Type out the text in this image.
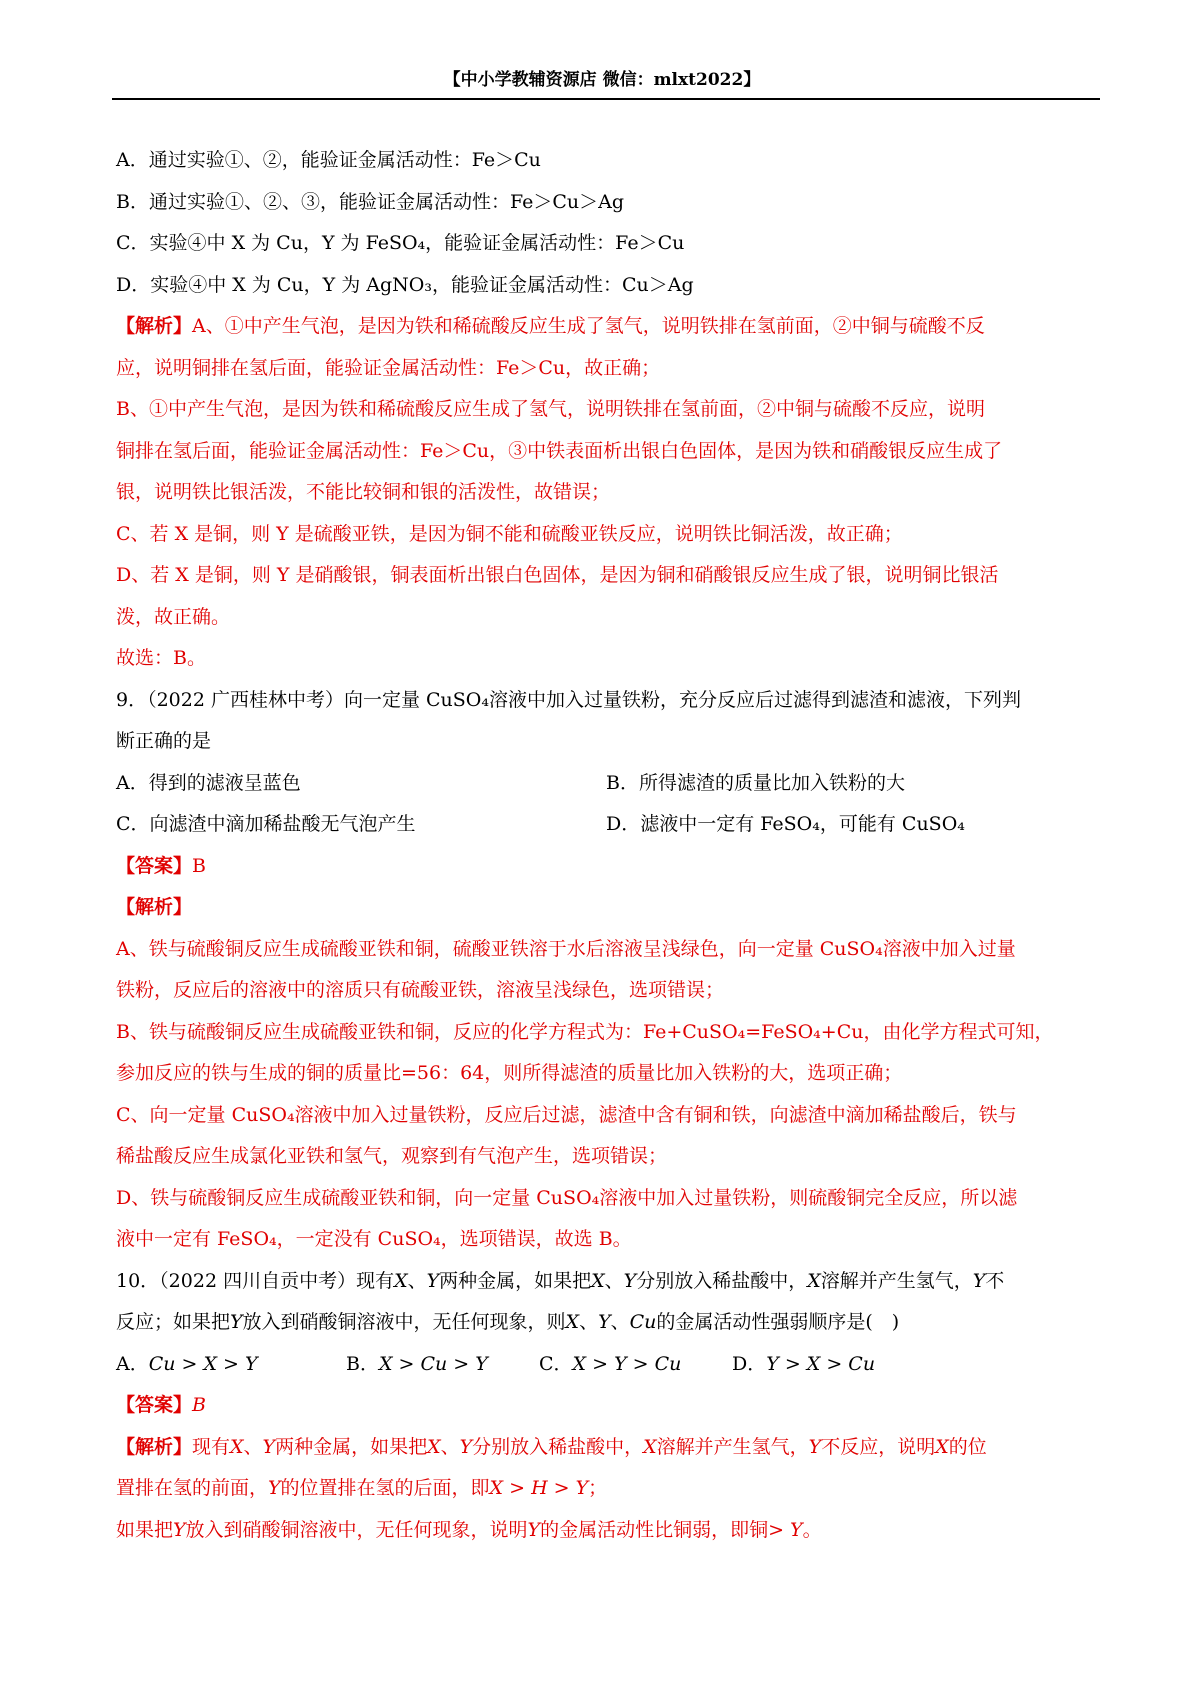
【中小学教辅资源店 微信：mlxt2022】
A．通过实验①、②，能验证金属活动性：Fe＞Cu
B．通过实验①、②、③，能验证金属活动性：Fe＞Cu＞Ag
C．实验④中 X 为 Cu，Y 为 FeSO₄，能验证金属活动性：Fe＞Cu
D．实验④中 X 为 Cu，Y 为 AgNO₃，能验证金属活动性：Cu＞Ag
【解析】A、①中产生气泡，是因为铁和稀硫酸反应生成了氢气，说明铁排在氢前面，②中铜与硫酸不反
应，说明铜排在氢后面，能验证金属活动性：Fe＞Cu，故正确；
B、①中产生气泡，是因为铁和稀硫酸反应生成了氢气，说明铁排在氢前面，②中铜与硫酸不反应，说明
铜排在氢后面，能验证金属活动性：Fe＞Cu，③中铁表面析出银白色固体，是因为铁和硝酸银反应生成了
银，说明铁比银活泼，不能比较铜和银的活泼性，故错误；
C、若 X 是铜，则 Y 是硫酸亚铁，是因为铜不能和硫酸亚铁反应，说明铁比铜活泼，故正确；
D、若 X 是铜，则 Y 是硝酸银，铜表面析出银白色固体，是因为铜和硝酸银反应生成了银，说明铜比银活
泼，故正确。
故选：B。
9．（2022 广西桂林中考）向一定量 CuSO₄溶液中加入过量铁粉，充分反应后过滤得到滤渣和滤液，下列判
断正确的是
A．得到的滤液呈蓝色	B．所得滤渣的质量比加入铁粉的大
C．向滤渣中滴加稀盐酸无气泡产生	D．滤液中一定有 FeSO₄，可能有 CuSO₄
【答案】B
【解析】
A、铁与硫酸铜反应生成硫酸亚铁和铜，硫酸亚铁溶于水后溶液呈浅绿色，向一定量 CuSO₄溶液中加入过量
铁粉，反应后的溶液中的溶质只有硫酸亚铁，溶液呈浅绿色，选项错误；
B、铁与硫酸铜反应生成硫酸亚铁和铜，反应的化学方程式为：Fe+CuSO₄=FeSO₄+Cu，由化学方程式可知，
参加反应的铁与生成的铜的质量比=56：64，则所得滤渣的质量比加入铁粉的大，选项正确；
C、向一定量 CuSO₄溶液中加入过量铁粉，反应后过滤，滤渣中含有铜和铁，向滤渣中滴加稀盐酸后，铁与
稀盐酸反应生成氯化亚铁和氢气，观察到有气泡产生，选项错误；
D、铁与硫酸铜反应生成硫酸亚铁和铜，向一定量 CuSO₄溶液中加入过量铁粉，则硫酸铜完全反应，所以滤
液中一定有 FeSO₄，一定没有 CuSO₄，选项错误，故选 B。
10．（2022 四川自贡中考）现有𝑋、𝑌两种金属，如果把𝑋、𝑌分别放入稀盐酸中，𝑋溶解并产生氢气，𝑌不
反应；如果把𝑌放入到硝酸铜溶液中，无任何现象，则𝑋、𝑌、𝐶𝑢的金属活动性强弱顺序是(　)
A．𝐶𝑢 > 𝑋 > 𝑌	B．𝑋 > 𝐶𝑢 > 𝑌	C．𝑋 > 𝑌 > 𝐶𝑢	D．𝑌 > 𝑋 > 𝐶𝑢
【答案】𝐵
【解析】现有𝑋、𝑌两种金属，如果把𝑋、𝑌分别放入稀盐酸中，𝑋溶解并产生氢气，𝑌不反应，说明𝑋的位
置排在氢的前面，𝑌的位置排在氢的后面，即𝑋 > 𝐻 > 𝑌；
如果把𝑌放入到硝酸铜溶液中，无任何现象，说明𝑌的金属活动性比铜弱，即铜> 𝑌。
